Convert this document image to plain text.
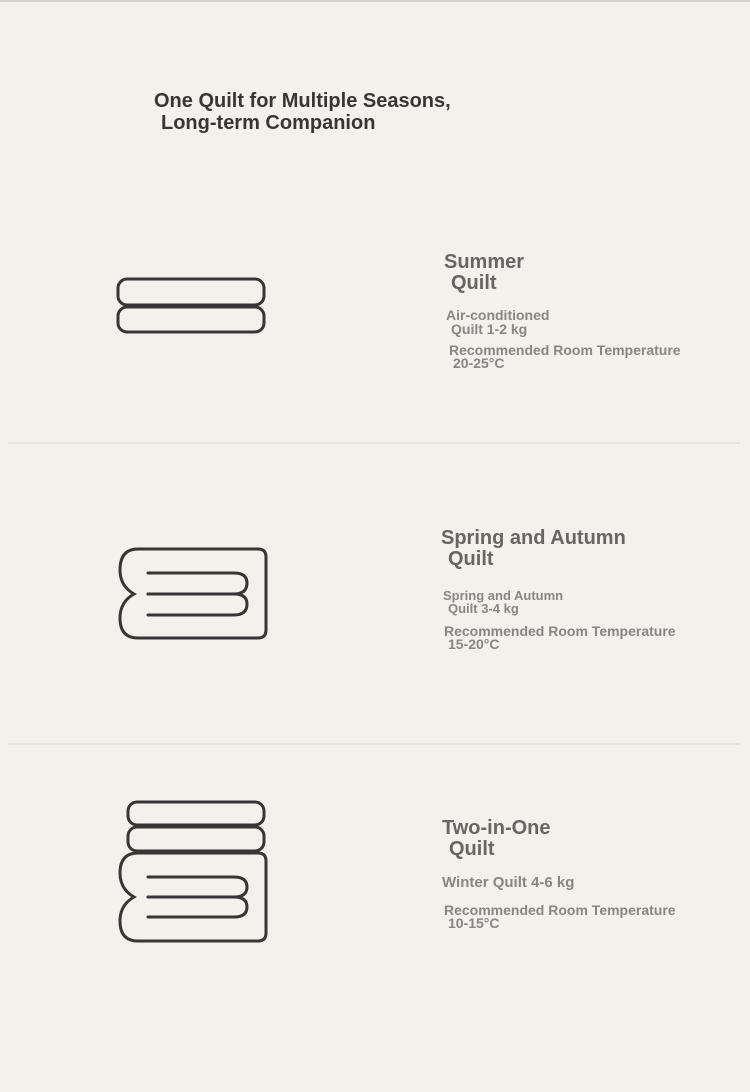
One Quilt for Multiple Seasons,
Long-term Companion
Summer
Quilt
Air-conditioned
Quilt 1-2 kg
Recommended Room Temperature
20-25°C
Spring and Autumn
Quilt
Spring and Autumn
Quilt 3-4 kg
Recommended Room Temperature
15-20°C
Two-in-One
Quilt
Winter Quilt 4-6 kg
Recommended Room Temperature
10-15°C
